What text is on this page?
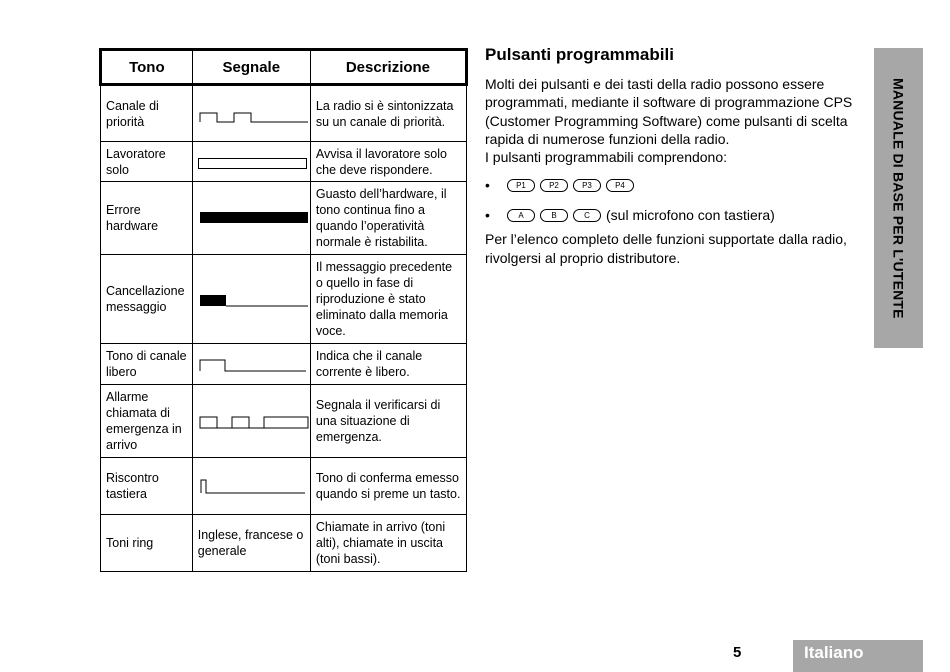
Tono	Segnale	Descrizione
Canale di priorità		La radio si è sintonizzata su un canale di priorità.
Lavoratore solo		Avvisa il lavoratore solo che deve rispondere.
Errore hardware		Guasto dell’hardware, il tono continua fino a quando l’operatività normale è ristabilita.
Cancellazione messaggio		Il messaggio precedente o quello in fase di riproduzione è stato eliminato dalla memoria voce.
Tono di canale libero		Indica che il canale corrente è libero.
Allarme chiamata di emergenza in arrivo		Segnala il verificarsi di una situazione di emergenza.
Riscontro tastiera		Tono di conferma emesso quando si preme un tasto.
Toni ring	Inglese, francese o generale	Chiamate in arrivo (toni alti), chiamate in uscita (toni bassi).
Pulsanti programmabili

Molti dei pulsanti e dei tasti della radio possono essere programmati, mediante il software di programmazione CPS (Customer Programming Software) come pulsanti di scelta rapida di numerose funzioni della radio.

I pulsanti programmabili comprendono:

•	P1	P2	P3	P4
•	A	B	C	(sul microfono con tastiera)

Per l’elenco completo delle funzioni supportate dalla radio, rivolgersi al proprio distributore.	MANUALE DI BASE PER L'UTENTE
5	Italiano
